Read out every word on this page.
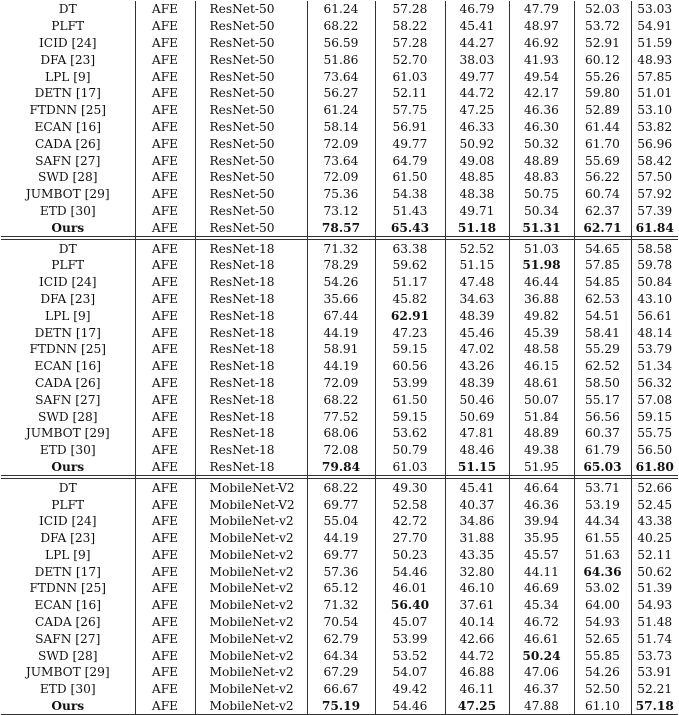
DT	AFE	ResNet-50	61.24	57.28	46.79	47.79	52.03	53.03
PLFT	AFE	ResNet-50	68.22	58.22	45.41	48.97	53.72	54.91
ICID [24]	AFE	ResNet-50	56.59	57.28	44.27	46.92	52.91	51.59
DFA [23]	AFE	ResNet-50	51.86	52.70	38.03	41.93	60.12	48.93
LPL [9]	AFE	ResNet-50	73.64	61.03	49.77	49.54	55.26	57.85
DETN [17]	AFE	ResNet-50	56.27	52.11	44.72	42.17	59.80	51.01
FTDNN [25]	AFE	ResNet-50	61.24	57.75	47.25	46.36	52.89	53.10
ECAN [16]	AFE	ResNet-50	58.14	56.91	46.33	46.30	61.44	53.82
CADA [26]	AFE	ResNet-50	72.09	49.77	50.92	50.32	61.70	56.96
SAFN [27]	AFE	ResNet-50	73.64	64.79	49.08	48.89	55.69	58.42
SWD [28]	AFE	ResNet-50	72.09	61.50	48.85	48.83	56.22	57.50
JUMBOT [29]	AFE	ResNet-50	75.36	54.38	48.38	50.75	60.74	57.92
ETD [30]	AFE	ResNet-50	73.12	51.43	49.71	50.34	62.37	57.39
Ours	AFE	ResNet-50	78.57	65.43	51.18	51.31	62.71	61.84

DT	AFE	ResNet-18	71.32	63.38	52.52	51.03	54.65	58.58
PLFT	AFE	ResNet-18	78.29	59.62	51.15	51.98	57.85	59.78
ICID [24]	AFE	ResNet-18	54.26	51.17	47.48	46.44	54.85	50.84
DFA [23]	AFE	ResNet-18	35.66	45.82	34.63	36.88	62.53	43.10
LPL [9]	AFE	ResNet-18	67.44	62.91	48.39	49.82	54.51	56.61
DETN [17]	AFE	ResNet-18	44.19	47.23	45.46	45.39	58.41	48.14
FTDNN [25]	AFE	ResNet-18	58.91	59.15	47.02	48.58	55.29	53.79
ECAN [16]	AFE	ResNet-18	44.19	60.56	43.26	46.15	62.52	51.34
CADA [26]	AFE	ResNet-18	72.09	53.99	48.39	48.61	58.50	56.32
SAFN [27]	AFE	ResNet-18	68.22	61.50	50.46	50.07	55.17	57.08
SWD [28]	AFE	ResNet-18	77.52	59.15	50.69	51.84	56.56	59.15
JUMBOT [29]	AFE	ResNet-18	68.06	53.62	47.81	48.89	60.37	55.75
ETD [30]	AFE	ResNet-18	72.08	50.79	48.46	49.38	61.79	56.50
Ours	AFE	ResNet-18	79.84	61.03	51.15	51.95	65.03	61.80

DT	AFE	MobileNet-V2	68.22	49.30	45.41	46.64	53.71	52.66
PLFT	AFE	MobileNet-V2	69.77	52.58	40.37	46.36	53.19	52.45
ICID [24]	AFE	MobileNet-v2	55.04	42.72	34.86	39.94	44.34	43.38
DFA [23]	AFE	MobileNet-v2	44.19	27.70	31.88	35.95	61.55	40.25
LPL [9]	AFE	MobileNet-v2	69.77	50.23	43.35	45.57	51.63	52.11
DETN [17]	AFE	MobileNet-v2	57.36	54.46	32.80	44.11	64.36	50.62
FTDNN [25]	AFE	MobileNet-v2	65.12	46.01	46.10	46.69	53.02	51.39
ECAN [16]	AFE	MobileNet-v2	71.32	56.40	37.61	45.34	64.00	54.93
CADA [26]	AFE	MobileNet-v2	70.54	45.07	40.14	46.72	54.93	51.48
SAFN [27]	AFE	MobileNet-v2	62.79	53.99	42.66	46.61	52.65	51.74
SWD [28]	AFE	MobileNet-v2	64.34	53.52	44.72	50.24	55.85	53.73
JUMBOT [29]	AFE	MobileNet-v2	67.29	54.07	46.88	47.06	54.26	53.91
ETD [30]	AFE	MobileNet-v2	66.67	49.42	46.11	46.37	52.50	52.21
Ours	AFE	MobileNet-v2	75.19	54.46	47.25	47.88	61.10	57.18
